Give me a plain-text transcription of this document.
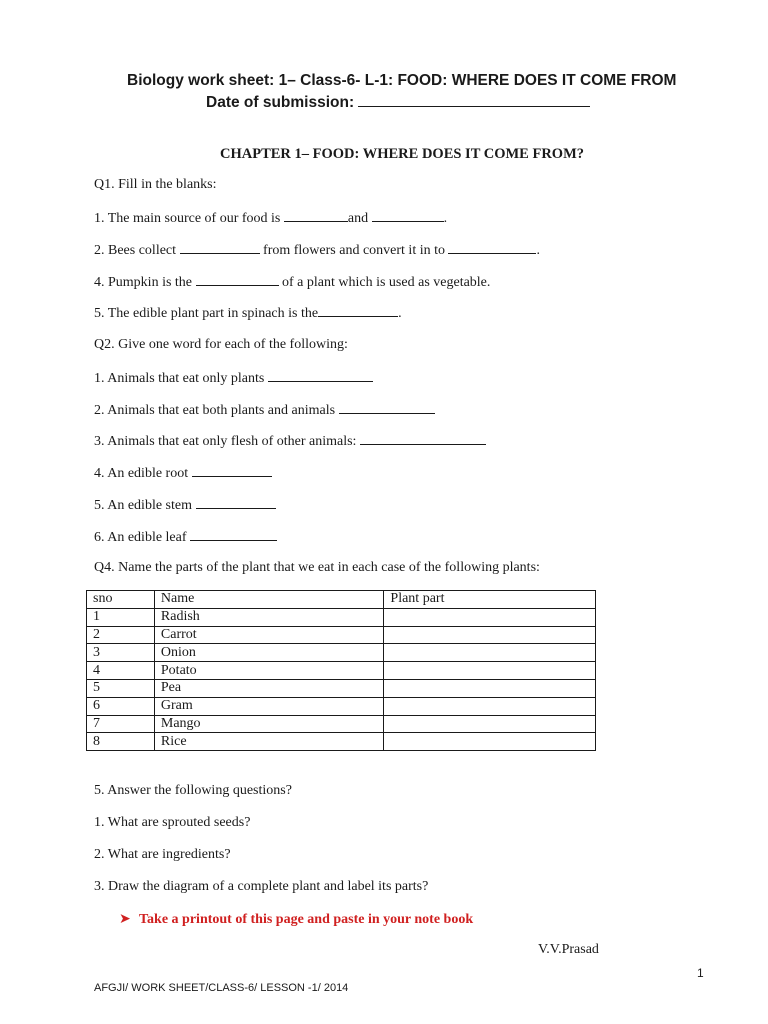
Biology work sheet: 1– Class-6- L-1: FOOD: WHERE DOES IT COME FROM
Date of submission:
CHAPTER 1– FOOD: WHERE DOES IT COME FROM?
Q1. Fill in the blanks:
1. The main source of our food is	and	.
2. Bees collect	from flowers and convert it in to	.
4. Pumpkin is the	of a plant which is used as vegetable.
5. The edible plant part in spinach is the	.
Q2. Give one word for each of the following:
1. Animals that eat only plants
2. Animals that eat both plants and animals
3. Animals that eat only flesh of other animals:
4. An edible root
5. An edible stem
6. An edible leaf
Q4. Name the parts of the plant that we eat in each case of the following plants:
sno	Name	Plant part
1	Radish	
2	Carrot	
3	Onion	
4	Potato	
5	Pea	
6	Gram	
7	Mango	
8	Rice	
5. Answer the following questions?
1. What are sprouted seeds?
2. What are ingredients?
3. Draw the diagram of a complete plant and label its parts?
➤ Take a printout of this page and paste in your note book
V.V.Prasad
1
AFGJI/ WORK SHEET/CLASS-6/ LESSON -1/ 2014
